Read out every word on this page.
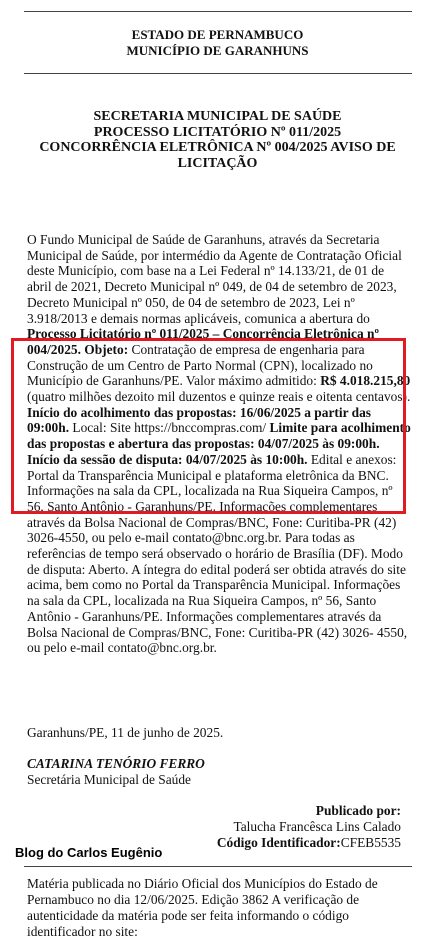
ESTADO DE PERNAMBUCO
MUNICÍPIO DE GARANHUNS
SECRETARIA MUNICIPAL DE SAÚDE
PROCESSO LICITATÓRIO Nº 011/2025
CONCORRÊNCIA ELETRÔNICA Nº 004/2025 AVISO DE LICITAÇÃO

O Fundo Municipal de Saúde de Garanhuns, através da Secretaria Municipal de Saúde, por intermédio da Agente de Contratação Oficial deste Município, com base na a Lei Federal nº 14.133/21, de 01 de abril de 2021, Decreto Municipal nº 049, de 04 de setembro de 2023, Decreto Municipal nº 050, de 04 de setembro de 2023, Lei nº 3.918/2013 e demais normas aplicáveis, comunica a abertura do Processo Licitatório nº 011/2025 – Concorrência Eletrônica nº 004/2025. Objeto: Contratação de empresa de engenharia para Construção de um Centro de Parto Normal (CPN), localizado no Município de Garanhuns/PE. Valor máximo admitido: R$ 4.018.215,80 (quatro milhões dezoito mil duzentos e quinze reais e oitenta centavos). Início do acolhimento das propostas: 16/06/2025 a partir das 09:00h. Local: Site https://bnccompras.com/ Limite para acolhimento das propostas e abertura das propostas: 04/07/2025 às 09:00h. Início da sessão de disputa: 04/07/2025 às 10:00h. Edital e anexos: Portal da Transparência Municipal e plataforma eletrônica da BNC. Informações na sala da CPL, localizada na Rua Siqueira Campos, nº 56, Santo Antônio - Garanhuns/PE. Informações complementares através da Bolsa Nacional de Compras/BNC, Fone: Curitiba-PR (42) 3026-4550, ou pelo e-mail contato@bnc.org.br. Para todas as referências de tempo será observado o horário de Brasília (DF). Modo de disputa: Aberto. A íntegra do edital poderá ser obtida através do site acima, bem como no Portal da Transparência Municipal. Informações na sala da CPL, localizada na Rua Siqueira Campos, nº 56, Santo Antônio - Garanhuns/PE. Informações complementares através da Bolsa Nacional de Compras/BNC, Fone: Curitiba-PR (42) 3026- 4550, ou pelo e-mail contato@bnc.org.br.

Garanhuns/PE, 11 de junho de 2025.
CATARINA TENÓRIO FERRO
Secretária Municipal de Saúde
Publicado por:
Talucha Francêsca Lins Calado
Código Identificador:CFEB5535
Blog do Carlos Eugênio
Matéria publicada no Diário Oficial dos Municípios do Estado de Pernambuco no dia 12/06/2025. Edição 3862 A verificação de autenticidade da matéria pode ser feita informando o código identificador no site:
